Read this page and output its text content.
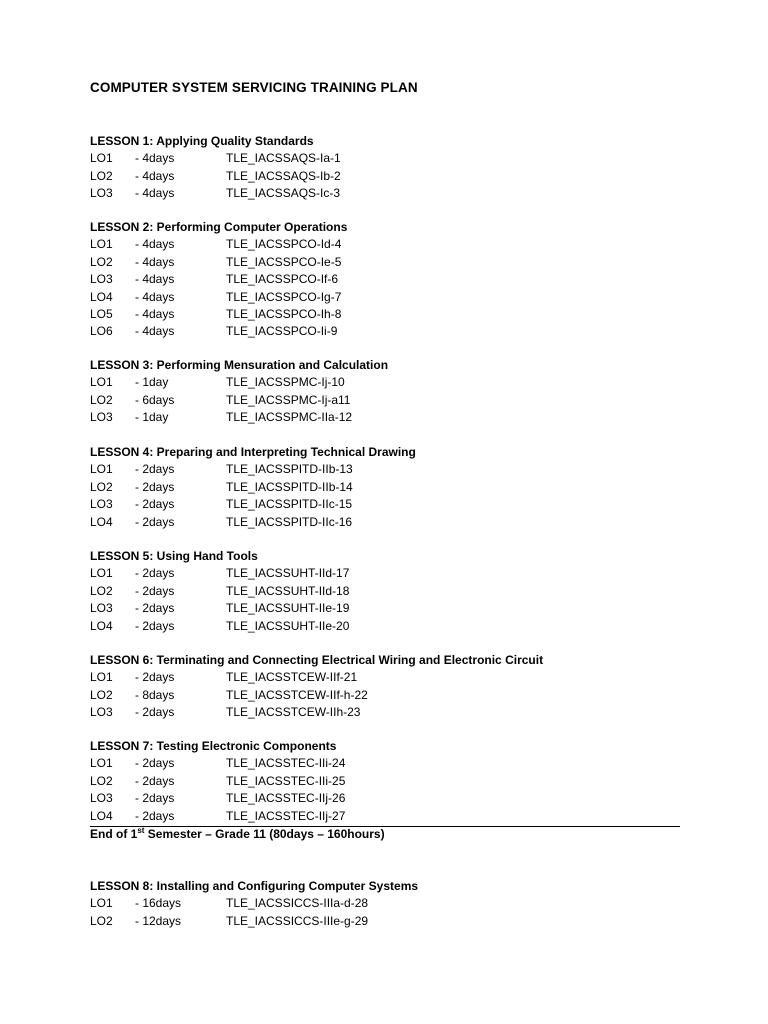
COMPUTER SYSTEM SERVICING TRAINING PLAN
LESSON 1: Applying Quality Standards
LO1 - 4days	TLE_IACSSAQS-Ia-1
LO2 - 4days	TLE_IACSSAQS-Ib-2
LO3 - 4days	TLE_IACSSAQS-Ic-3
LESSON 2: Performing Computer Operations
LO1 - 4days	TLE_IACSSPCO-Id-4
LO2 - 4days	TLE_IACSSPCO-Ie-5
LO3 - 4days	TLE_IACSSPCO-If-6
LO4 - 4days	TLE_IACSSPCO-Ig-7
LO5 - 4days	TLE_IACSSPCO-Ih-8
LO6 - 4days	TLE_IACSSPCO-Ii-9
LESSON 3: Performing Mensuration and Calculation
LO1 - 1day	TLE_IACSSPMC-Ij-10
LO2 - 6days	TLE_IACSSPMC-Ij-a11
LO3 - 1day	TLE_IACSSPMC-IIa-12
LESSON 4: Preparing and Interpreting Technical Drawing
LO1 - 2days	TLE_IACSSPITD-IIb-13
LO2 - 2days	TLE_IACSSPITD-IIb-14
LO3 - 2days	TLE_IACSSPITD-IIc-15
LO4 - 2days	TLE_IACSSPITD-IIc-16
LESSON 5: Using Hand Tools
LO1 - 2days	TLE_IACSSUHT-IId-17
LO2 - 2days	TLE_IACSSUHT-IId-18
LO3 - 2days	TLE_IACSSUHT-IIe-19
LO4 - 2days	TLE_IACSSUHT-IIe-20
LESSON 6: Terminating and Connecting Electrical Wiring and Electronic Circuit
LO1 - 2days	TLE_IACSSTCEW-IIf-21
LO2 - 8days	TLE_IACSSTCEW-IIf-h-22
LO3 - 2days	TLE_IACSSTCEW-IIh-23
LESSON 7: Testing Electronic Components
LO1 - 2days	TLE_IACSSTEC-IIi-24
LO2 - 2days	TLE_IACSSTEC-IIi-25
LO3 - 2days	TLE_IACSSTEC-IIj-26
LO4 - 2days	TLE_IACSSTEC-IIj-27
LESSON 8: Installing and Configuring Computer Systems
LO1 - 16days	TLE_IACSSICCS-IIIa-d-28
LO2 - 12days	TLE_IACSSICCS-IIIe-g-29
End of 1st Semester – Grade 11 (80days – 160hours)
